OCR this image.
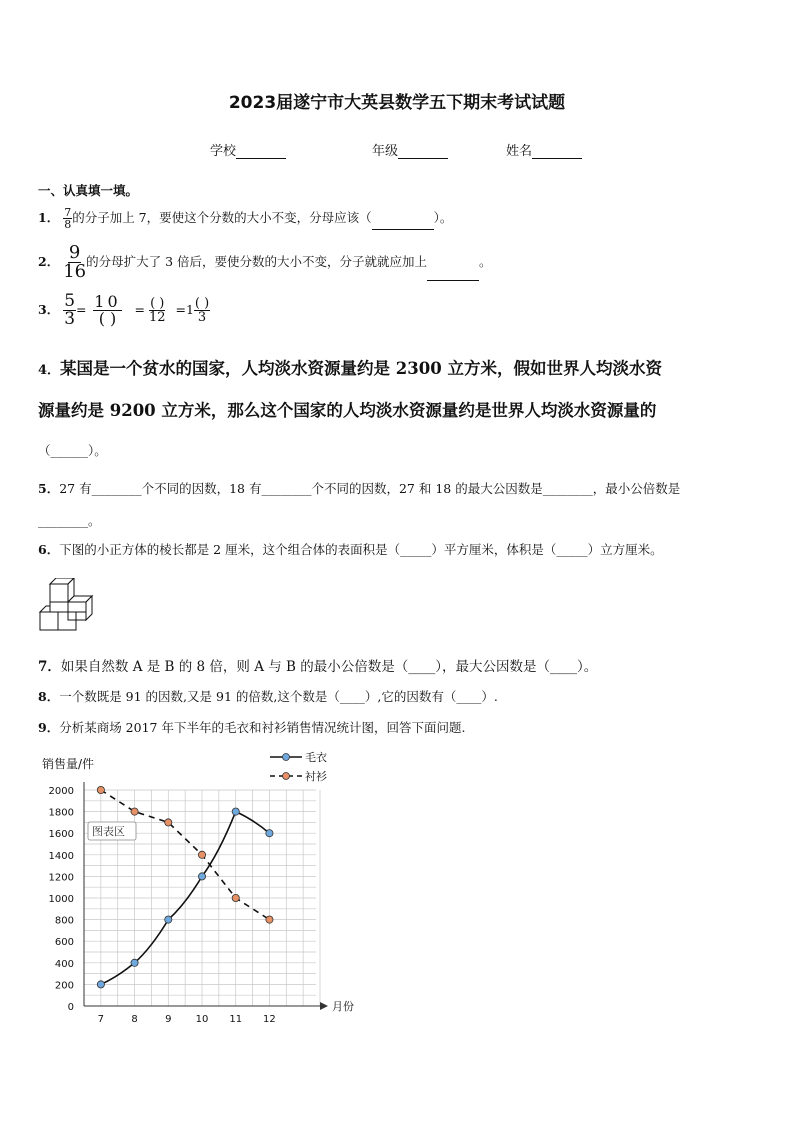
2023届遂宁市大英县数学五下期末考试试题
学校	年级	姓名
一、认真填一填。
1． $\frac{7}{8}$ 的分子加上 7，要使这个分数的大小不变，分母应该（	）。
2． $\frac{9}{16}$ 的分母扩大了 3 倍后，要使分数的大小不变，分子就就应加上	。
3． $\frac{5}{3} = \frac{10}{( )} = \frac{( )}{12} =1 \frac{( )}{3}$
4．某国是一个贫水的国家，人均淡水资源量约是 2300 立方米，假如世界人均淡水资
源量约是 9200 立方米，那么这个国家的人均淡水资源量约是世界人均淡水资源量的
（______）。
5．27 有________个不同的因数，18 有________个不同的因数，27 和 18 的最大公因数是________，最小公倍数是
________。
6．下图的小正方体的棱长都是 2 厘米，这个组合体的表面积是（_____）平方厘米，体积是（_____）立方厘米。
7．如果自然数 A 是 B 的 8 倍，则 A 与 B 的最小公倍数是（____），最大公因数是（____）。
8．一个数既是 91 的因数,又是 91 的倍数,这个数是（____）,它的因数有（____）.
9．分析某商场 2017 年下半年的毛衣和衬衫销售情况统计图，回答下面问题.
销售量/件
月份
0
200
400
600
800
1000
1200
1400
1600
1800
2000
7	8	9 10 11 12
图表区
毛衣
衬衫
